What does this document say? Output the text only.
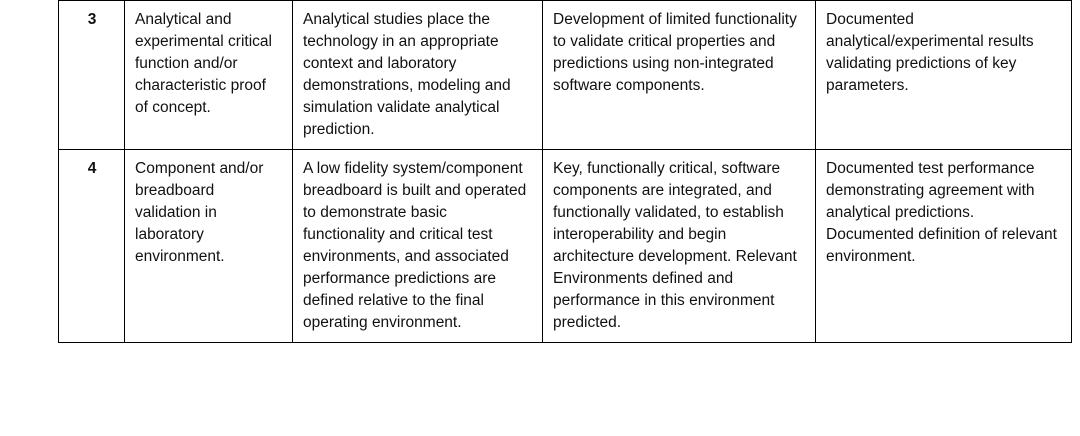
3	Analytical and experimental critical function and/or characteristic proof of concept.	Analytical studies place the technology in an appropriate context and laboratory demonstrations, modeling and simulation validate analytical prediction.	Development of limited functionality to validate critical properties and predictions using non-integrated software components.	Documented analytical/experimental results validating predictions of key parameters.
4	Component and/or breadboard validation in laboratory environment.	A low fidelity system/component breadboard is built and operated to demonstrate basic functionality and critical test environments, and associated performance predictions are defined relative to the final operating environment.	Key, functionally critical, software components are integrated, and functionally validated, to establish interoperability and begin architecture development. Relevant Environments defined and performance in this environment predicted.	Documented test performance demonstrating agreement with analytical predictions. Documented definition of relevant environment.
